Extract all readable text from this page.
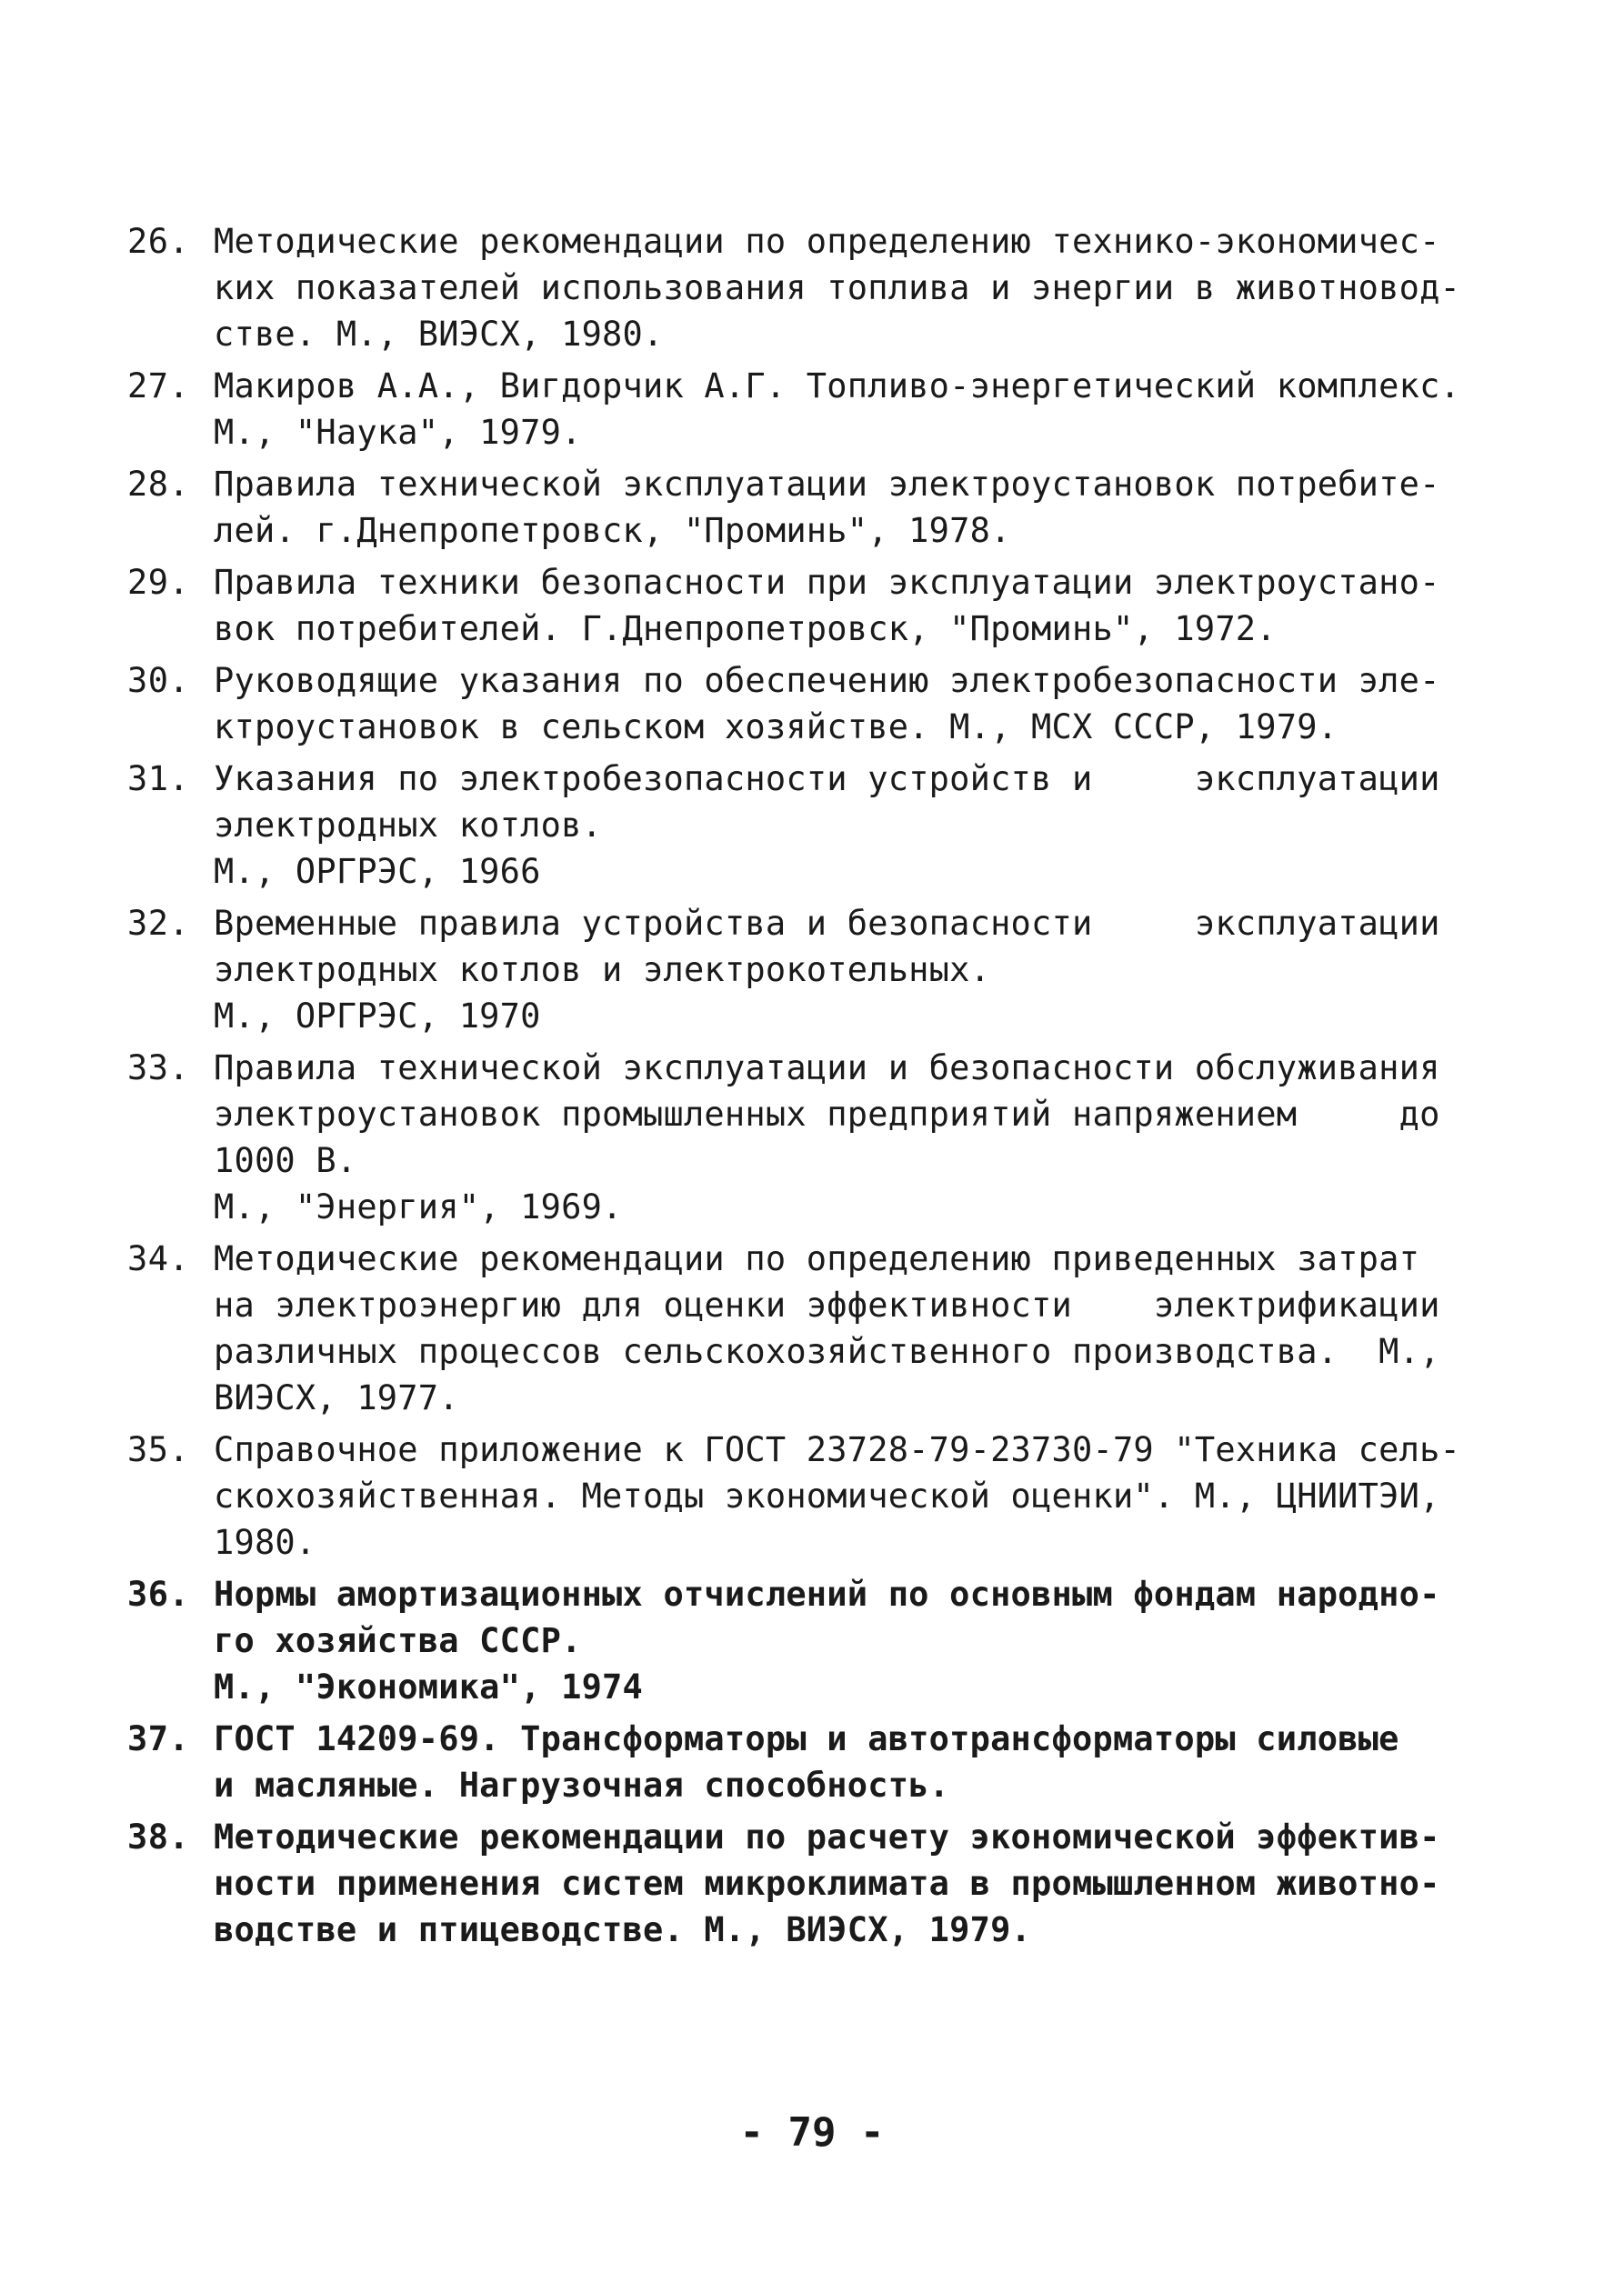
26. Методические рекомендации по определению технико-экономичес-
ких показателей использования топлива и энергии в животновод-
стве. М., ВИЭСХ, 1980.
27. Макиров А.А., Вигдорчик А.Г. Топливо-энергетический комплекс.
М., "Наука", 1979.
28. Правила технической эксплуатации электроустановок потребите-
лей. г.Днепропетровск, "Проминь", 1978.
29. Правила техники безопасности при эксплуатации электроустано-
вок потребителей. Г.Днепропетровск, "Проминь", 1972.
30. Руководящие указания по обеспечению электробезопасности эле-
ктроустановок в сельском хозяйстве. М., МСХ СССР, 1979.
31. Указания по электробезопасности устройств и     эксплуатации
электродных котлов.
М., ОРГРЭС, 1966
32. Временные правила устройства и безопасности     эксплуатации
электродных котлов и электрокотельных.
М., ОРГРЭС, 1970
33. Правила технической эксплуатации и безопасности обслуживания
электроустановок промышленных предприятий напряжением     до
1000 В.
М., "Энергия", 1969.
34. Методические рекомендации по определению приведенных затрат
на электроэнергию для оценки эффективности    электрификации
различных процессов сельскохозяйственного производства.  М.,
ВИЭСХ, 1977.
35. Справочное приложение к ГОСТ 23728-79-23730-79 "Техника сель-
скохозяйственная. Методы экономической оценки". М., ЦНИИТЭИ,
1980.
36. Нормы амортизационных отчислений по основным фондам народно-
го хозяйства СССР.
М., "Экономика", 1974
37. ГОСТ 14209-69. Трансформаторы и автотрансформаторы силовые
и масляные. Нагрузочная способность.
38. Методические рекомендации по расчету экономической эффектив-
ности применения систем микроклимата в промышленном животно-
водстве и птицеводстве. М., ВИЭСХ, 1979.
- 79 -
